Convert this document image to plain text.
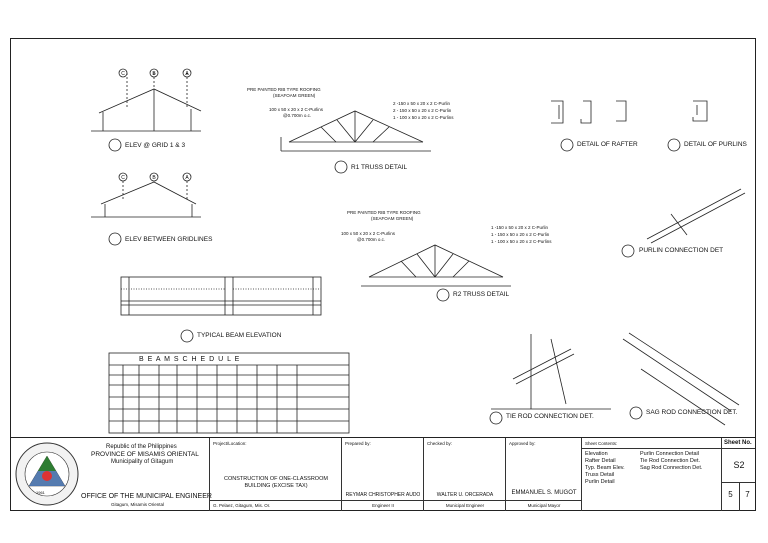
C	B	A
C	B	A
ELEV @ GRID 1 & 3
ELEV BETWEEN GRIDLINES
R1 TRUSS DETAIL
R2 TRUSS DETAIL
TYPICAL BEAM ELEVATION
DETAIL OF RAFTER	DETAIL OF PURLINS
PURLIN CONNECTION DET
TIE ROD CONNECTION DET.
SAG ROD CONNECTION DET.
PRE PAINTED RIB TYPE ROOFING
(SEAFOAM GREEN)
100 x 50 x 20 x 2 C-Purlins
@0.700m o.c.
2 -150 x 50 x 20 x 2 C-Purlin
2 - 150 x 50 x 20 x 2 C-Purlin
1 - 100 x 50 x 20 x 2 C-Purlins
PRE PAINTED RIB TYPE ROOFING
(SEAFOAM GREEN)
100 x 50 x 20 x 2 C-Purlins
@0.700m o.c.
1 -150 x 50 x 20 x 2 C-Purlin
1 - 150 x 50 x 20 x 2 C-Purlin
1 - 100 x 50 x 20 x 2 C-Purlins
B E A M S C H E D U L E
1961
Republic of the Philippines
PROVINCE OF MISAMIS ORIENTAL
Municipality of Gitagum
OFFICE OF THE MUNICIPAL ENGINEER
Gitagum, Misamis Oriental
Project/Location:
CONSTRUCTION OF ONE-CLASSROOM BUILDING (EXCISE TAX)
G. Pelaez, Gitagum, Mis. Or.
Prepared by:
REYMAR CHRISTOPHER AUDO
Engineer II
Checked by:
WALTER U. ORCERADA
Municipal Engineer
Approved by:
EMMANUEL S. MUGOT
Municipal Mayor
Sheet Contents:
Elevation
Rafter Detail
Typ. Beam Elev.
Truss Detail
Purlin Detail
Purlin Connection Detail
Tie Rod Connection Det.
Sag Rod Connection Det.
Sheet No.
S2
5	7
